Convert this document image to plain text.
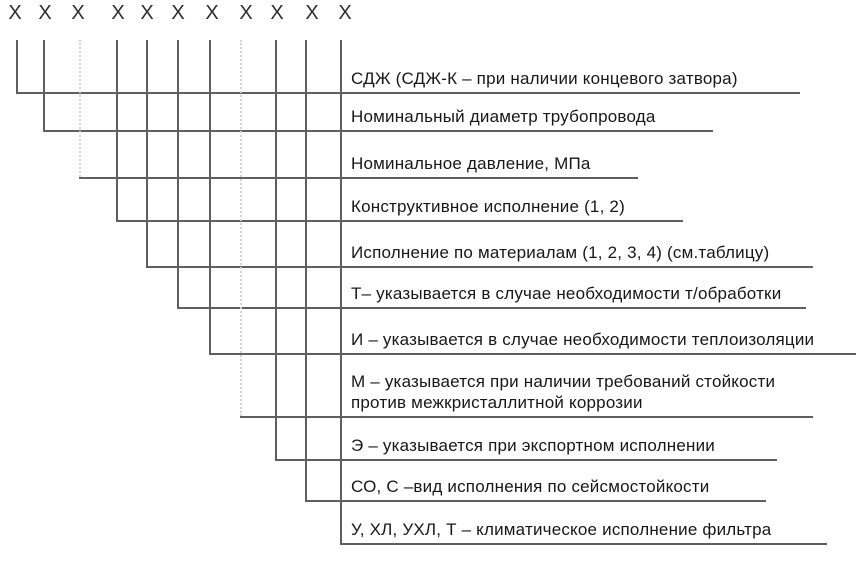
Х Х Х Х Х Х Х Х Х Х Х
СДЖ (СДЖ-К – при наличии концевого затвора)
Номинальный диаметр трубопровода
Номинальное давление, МПа
Конструктивное исполнение (1, 2)
Исполнение по материалам (1, 2, 3, 4) (см.таблицу)
Т– указывается в случае необходимости т/обработки
И – указывается в случае необходимости теплоизоляции
М – указывается при наличии требований стойкости
против межкристаллитной коррозии
Э – указывается при экспортном исполнении
СО, С –вид исполнения по сейсмостойкости
У, ХЛ, УХЛ, Т – климатическое исполнение фильтра
